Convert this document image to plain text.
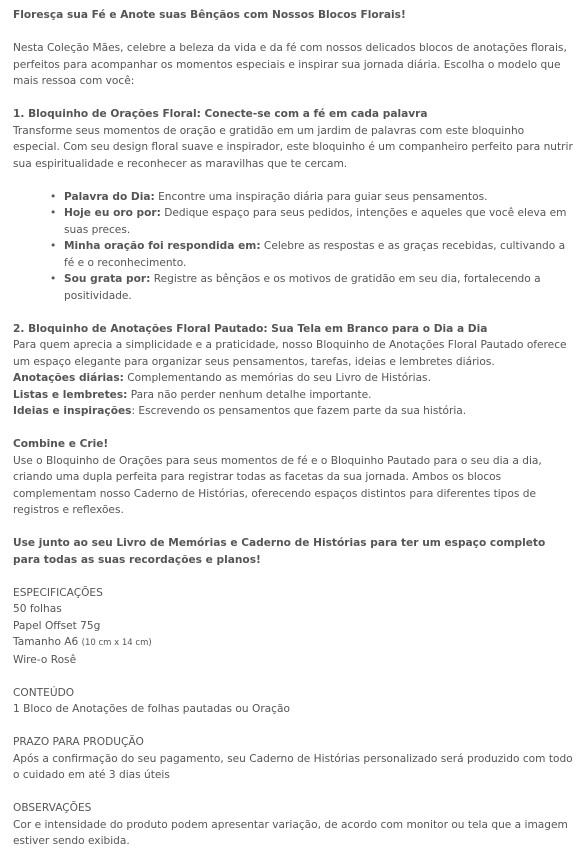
Floresça sua Fé e Anote suas Bênçãos com Nossos Blocos Florais!

Nesta Coleção Mães, celebre a beleza da vida e da fé com nossos delicados blocos de anotações florais, perfeitos para acompanhar os momentos especiais e inspirar sua jornada diária. Escolha o modelo que mais ressoa com você:

1. Bloquinho de Orações Floral: Conecte-se com a fé em cada palavra

Transforme seus momentos de oração e gratidão em um jardim de palavras com este bloquinho especial. Com seu design floral suave e inspirador, este bloquinho é um companheiro perfeito para nutrir sua espiritualidade e reconhecer as maravilhas que te cercam.

• Palavra do Dia: Encontre uma inspiração diária para guiar seus pensamentos.
• Hoje eu oro por: Dedique espaço para seus pedidos, intenções e aqueles que você eleva em suas preces.
• Minha oração foi respondida em: Celebre as respostas e as graças recebidas, cultivando a fé e o reconhecimento.
• Sou grata por: Registre as bênçãos e os motivos de gratidão em seu dia, fortalecendo a positividade.

2. Bloquinho de Anotações Floral Pautado: Sua Tela em Branco para o Dia a Dia

Para quem aprecia a simplicidade e a praticidade, nosso Bloquinho de Anotações Floral Pautado oferece um espaço elegante para organizar seus pensamentos, tarefas, ideias e lembretes diários.

Anotações diárias: Complementando as memórias do seu Livro de Histórias.

Listas e lembretes: Para não perder nenhum detalhe importante.

Ideias e inspirações: Escrevendo os pensamentos que fazem parte da sua história.

Combine e Crie!

Use o Bloquinho de Orações para seus momentos de fé e o Bloquinho Pautado para o seu dia a dia, criando uma dupla perfeita para registrar todas as facetas da sua jornada. Ambos os blocos complementam nosso Caderno de Histórias, oferecendo espaços distintos para diferentes tipos de registros e reflexões.

Use junto ao seu Livro de Memórias e Caderno de Histórias para ter um espaço completo para todas as suas recordações e planos!

ESPECIFICAÇÕES

50 folhas

Papel Offset 75g

Tamanho A6 (10 cm x 14 cm)

Wire-o Rosê

CONTEÚDO

1 Bloco de Anotações de folhas pautadas ou Oração

PRAZO PARA PRODUÇÃO

Após a confirmação do seu pagamento, seu Caderno de Histórias personalizado será produzido com todo o cuidado em até 3 dias úteis

OBSERVAÇÕES

Cor e intensidade do produto podem apresentar variação, de acordo com monitor ou tela que a imagem estiver sendo exibida.
